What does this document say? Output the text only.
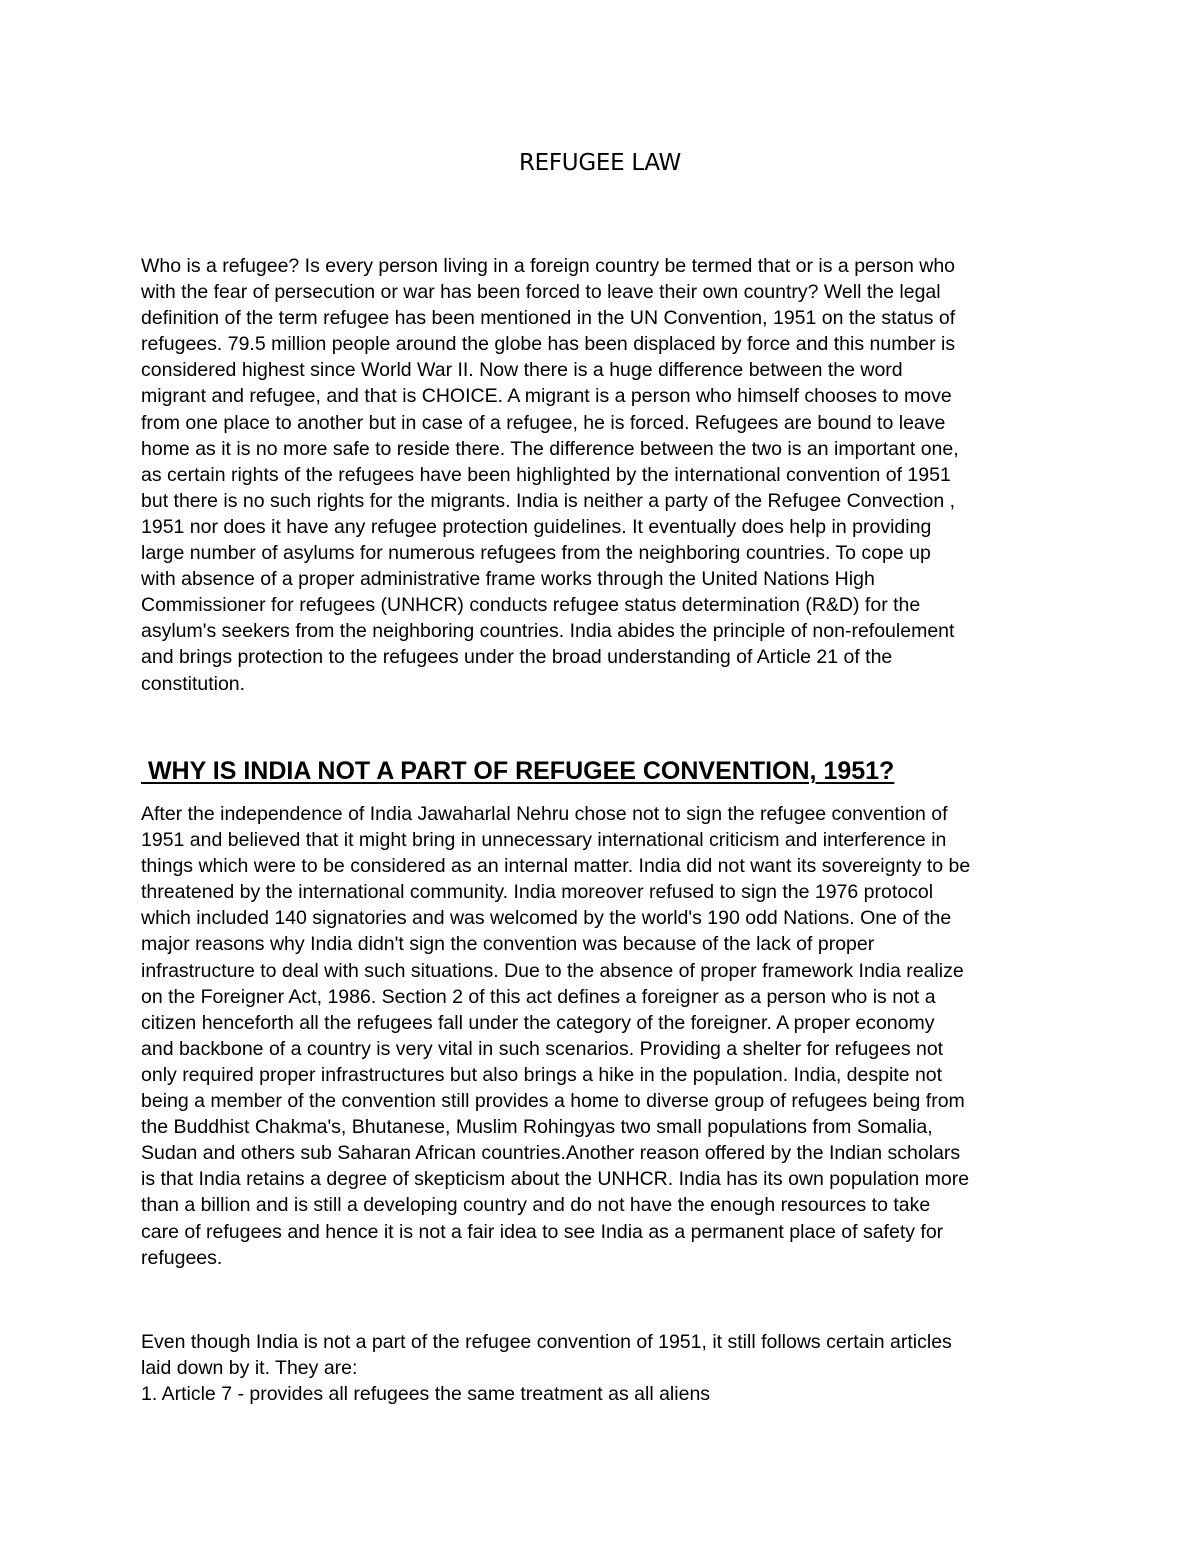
REFUGEE LAW
Who is a refugee? Is every person living in a foreign country be termed that or is a person who
with the fear of persecution or war has been forced to leave their own country? Well the legal
definition of the term refugee has been mentioned in the UN Convention, 1951 on the status of
refugees. 79.5 million people around the globe has been displaced by force and this number is
considered highest since World War II. Now there is a huge difference between the word
migrant and refugee, and that is CHOICE. A migrant is a person who himself chooses to move
from one place to another but in case of a refugee, he is forced. Refugees are bound to leave
home as it is no more safe to reside there. The difference between the two is an important one,
as certain rights of the refugees have been highlighted by the international convention of 1951
but there is no such rights for the migrants. India is neither a party of the Refugee Convection ,
1951 nor does it have any refugee protection guidelines. It eventually does help in providing
large number of asylums for numerous refugees from the neighboring countries. To cope up
with absence of a proper administrative frame works through the United Nations High
Commissioner for refugees (UNHCR) conducts refugee status determination (R&D) for the
asylum's seekers from the neighboring countries. India abides the principle of non-refoulement
and brings protection to the refugees under the broad understanding of Article 21 of the
constitution.
WHY IS INDIA NOT A PART OF REFUGEE CONVENTION, 1951?
After the independence of India Jawaharlal Nehru chose not to sign the refugee convention of
1951 and believed that it might bring in unnecessary international criticism and interference in
things which were to be considered as an internal matter. India did not want its sovereignty to be
threatened by the international community. India moreover refused to sign the 1976 protocol
which included 140 signatories and was welcomed by the world's 190 odd Nations. One of the
major reasons why India didn't sign the convention was because of the lack of proper
infrastructure to deal with such situations. Due to the absence of proper framework India realize
on the Foreigner Act, 1986. Section 2 of this act defines a foreigner as a person who is not a
citizen henceforth all the refugees fall under the category of the foreigner. A proper economy
and backbone of a country is very vital in such scenarios. Providing a shelter for refugees not
only required proper infrastructures but also brings a hike in the population. India, despite not
being a member of the convention still provides a home to diverse group of refugees being from
the Buddhist Chakma's, Bhutanese, Muslim Rohingyas two small populations from Somalia,
Sudan and others sub Saharan African countries.Another reason offered by the Indian scholars
is that India retains a degree of skepticism about the UNHCR. India has its own population more
than a billion and is still a developing country and do not have the enough resources to take
care of refugees and hence it is not a fair idea to see India as a permanent place of safety for
refugees.
Even though India is not a part of the refugee convention of 1951, it still follows certain articles
laid down by it. They are:
1. Article 7 - provides all refugees the same treatment as all aliens
